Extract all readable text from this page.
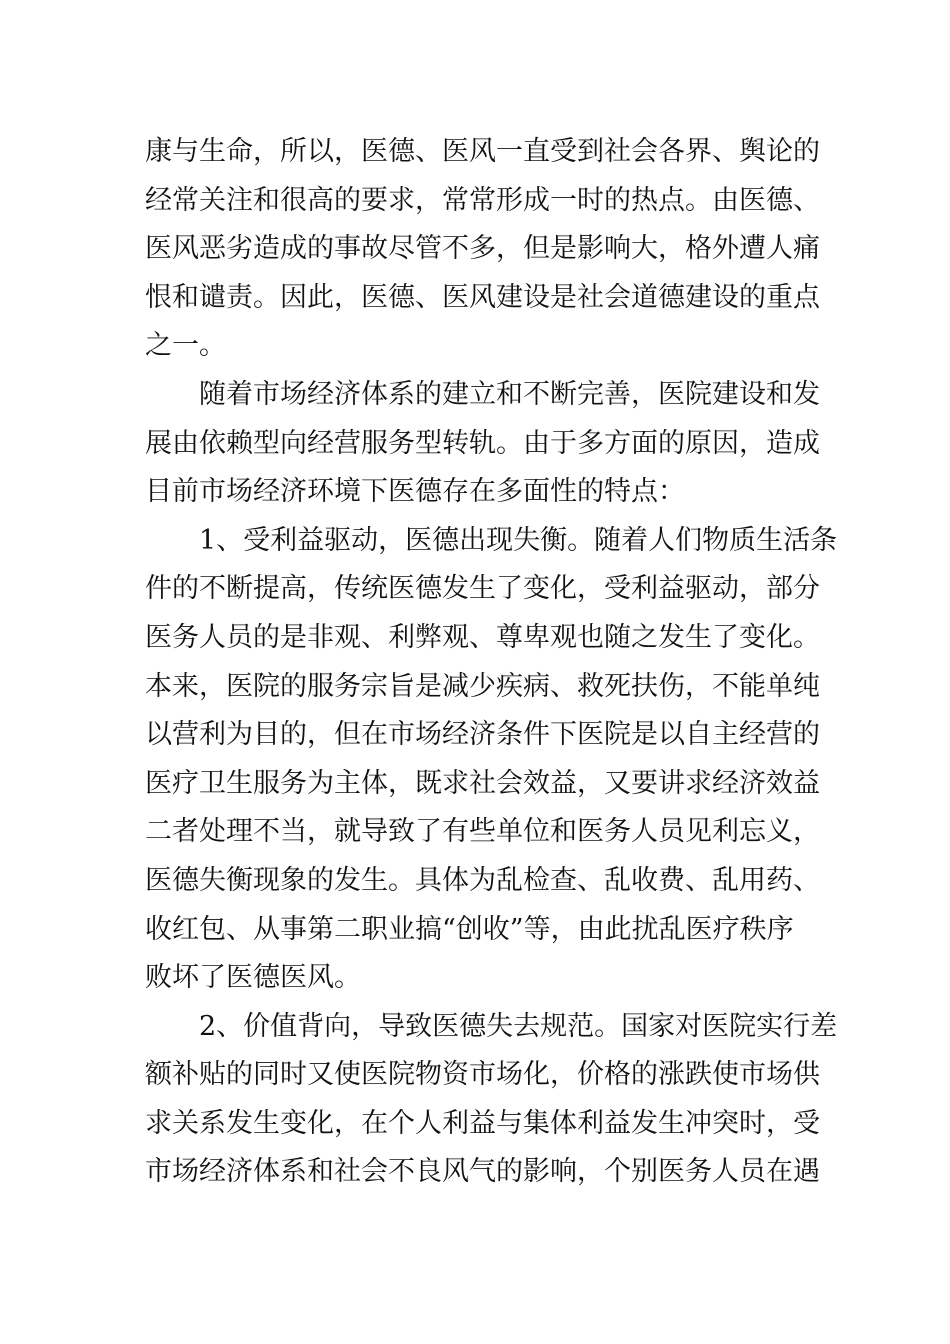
康与生命，所以，医德、医风一直受到社会各界、舆论的
经常关注和很高的要求，常常形成一时的热点。由医德、
医风恶劣造成的事故尽管不多，但是影响大，格外遭人痛
恨和谴责。因此，医德、医风建设是社会道德建设的重点
之一。
随着市场经济体系的建立和不断完善，医院建设和发
展由依赖型向经营服务型转轨。由于多方面的原因，造成
目前市场经济环境下医德存在多面性的特点：
1、受利益驱动，医德出现失衡。随着人们物质生活条
件的不断提高，传统医德发生了变化，受利益驱动，部分
医务人员的是非观、利弊观、尊卑观也随之发生了变化。
本来，医院的服务宗旨是减少疾病、救死扶伤，不能单纯
以营利为目的，但在市场经济条件下医院是以自主经营的
医疗卫生服务为主体，既求社会效益，又要讲求经济效益
二者处理不当，就导致了有些单位和医务人员见利忘义，
医德失衡现象的发生。具体为乱检查、乱收费、乱用药、
收红包、从事第二职业搞“创收”等，由此扰乱医疗秩序
败坏了医德医风。
2、价值背向，导致医德失去规范。国家对医院实行差
额补贴的同时又使医院物资市场化，价格的涨跌使市场供
求关系发生变化，在个人利益与集体利益发生冲突时，受
市场经济体系和社会不良风气的影响，个别医务人员在遇
